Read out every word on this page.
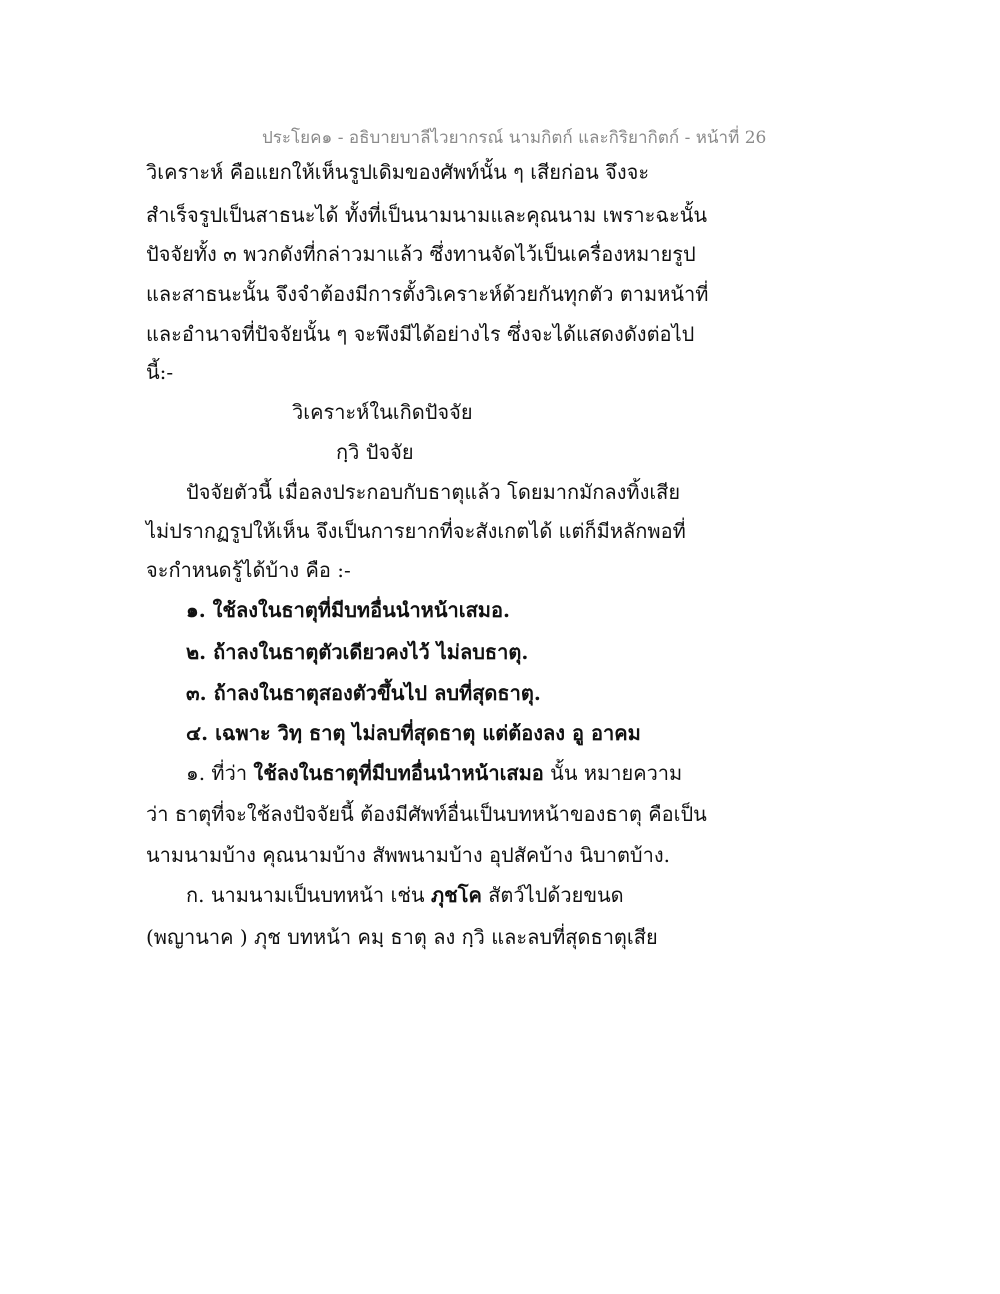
ประโยค๑ - อธิบายบาลีไวยากรณ์ นามกิตก์ และกิริยากิตก์ - หน้าที่ 26
วิเคราะห์ คือแยกให้เห็นรูปเดิมของศัพท์นั้น ๆ เสียก่อน จึงจะ
สำเร็จรูปเป็นสาธนะได้ ทั้งที่เป็นนามนามและคุณนาม เพราะฉะนั้น
ปัจจัยทั้ง ๓ พวกดังที่กล่าวมาแล้ว ซึ่งทานจัดไว้เป็นเครื่องหมายรูป
และสาธนะนั้น จึงจำต้องมีการตั้งวิเคราะห์ด้วยกันทุกตัว ตามหน้าที่
และอำนาจที่ปัจจัยนั้น ๆ จะพึงมีได้อย่างไร ซึ่งจะได้แสดงดังต่อไป
นี้:-
วิเคราะห์ในเกิดปัจจัย
กฺวิ ปัจจัย
ปัจจัยตัวนี้ เมื่อลงประกอบกับธาตุแล้ว โดยมากมักลงทิ้งเสีย
ไม่ปรากฏรูปให้เห็น จึงเป็นการยากที่จะสังเกตได้ แต่ก็มีหลักพอที่
จะกำหนดรู้ได้บ้าง คือ :-
๑. ใช้ลงในธาตุที่มีบทอื่นนำหน้าเสมอ.
๒. ถ้าลงในธาตุตัวเดียวคงไว้ ไม่ลบธาตุ.
๓. ถ้าลงในธาตุสองตัวขึ้นไป ลบที่สุดธาตุ.
๔. เฉพาะ วิทฺ ธาตุ ไม่ลบที่สุดธาตุ แต่ต้องลง อู อาคม
๑. ที่ว่า ใช้ลงในธาตุที่มีบทอื่นนำหน้าเสมอ นั้น หมายความ
ว่า ธาตุที่จะใช้ลงปัจจัยนี้ ต้องมีศัพท์อื่นเป็นบทหน้าของธาตุ คือเป็น
นามนามบ้าง คุณนามบ้าง สัพพนามบ้าง อุปสัคบ้าง นิบาตบ้าง.
ก. นามนามเป็นบทหน้า เช่น ภุชโค สัตว์ไปด้วยขนด
(พญานาค ) ภุช บทหน้า คมฺ ธาตุ ลง กฺวิ และลบที่สุดธาตุเสีย
